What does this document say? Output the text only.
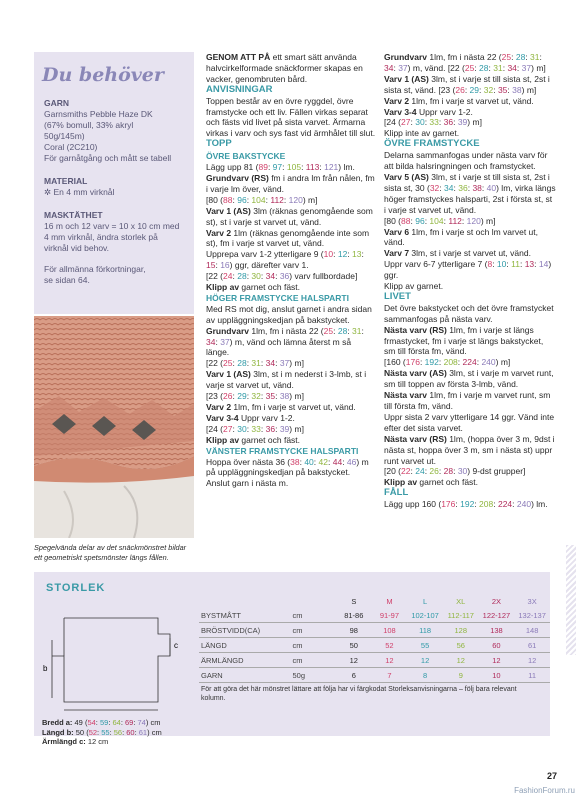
Du behöver
GARN
Garnsmiths Pebble Haze DK
(67% bomull, 33% akryl
50g/145m)
Coral (2C210)
För garnåtgång och mått se tabell
MATERIAL
✲ En 4 mm virknål
MASKTÄTHET
16 m och 12 varv = 10 x 10 cm med
4 mm virknål, ändra storlek på
virknål vid behov.
För allmänna förkortningar,
se sidan 64.
Spegelvända delar av det snäckmönstret bildar ett geometriskt spetsmönster längs fållen.

GENOM ATT PÅ ett smart sätt använda halvcirkelformade snäckformer skapas en vacker, genombruten bård.

ANVISNINGAR

Toppen består av en övre ryggdel, övre framstycke och ett liv. Fällen virkas separat och fästs vid livet på sista varvet. Ärmarna virkas i varv och sys fast vid ärmhålet till slut.

TOPP

ÖVRE BAKSTYCKE

Lägg upp 81 (89: 97: 105: 113: 121) lm.
Grundvarv (RS) fm i andra lm från nålen, fm i varje lm över, vänd.
[80 (88: 96: 104: 112: 120) m]
Varv 1 (AS) 3lm (räknas genomgående som st), st i varje st varvet ut, vänd.
Varv 2 1lm (räknas genomgående inte som st), fm i varje st varvet ut, vänd.
Upprepa varv 1-2 ytterligare 9 (10: 12: 13: 15: 16) ggr, därefter varv 1.
[22 (24: 28: 30: 34: 36) varv fullbordade]
Klipp av garnet och fäst.

HÖGER FRAMSTYCKE HALSPARTI

Med RS mot dig, anslut garnet i andra sidan av uppläggningskedjan på bakstycket.
Grundvarv 1lm, fm i nästa 22 (25: 28: 31: 34: 37) m, vänd och lämna återst m så länge.
[22 (25: 28: 31: 34: 37) m]
Varv 1 (AS) 3lm, st i m nederst i 3-lmb, st i varje st varvet ut, vänd.
[23 (26: 29: 32: 35: 38) m]
Varv 2 1lm, fm i varje st varvet ut, vänd.
Varv 3-4 Uppr varv 1-2.
[24 (27: 30: 33: 36: 39) m]
Klipp av garnet och fäst.

VÄNSTER FRAMSTYCKE HALSPARTI

Hoppa över nästa 36 (38: 40: 42: 44: 46) m på uppläggningskedjan på bakstycket.
Anslut garn i nästa m.

Grundvarv 1lm, fm i nästa 22 (25: 28: 31: 34: 37) m, vänd. [22 (25: 28: 31: 34: 37) m]
Varv 1 (AS) 3lm, st i varje st till sista st, 2st i sista st, vänd. [23 (26: 29: 32: 35: 38) m]
Varv 2 1lm, fm i varje st varvet ut, vänd.
Varv 3-4 Uppr varv 1-2.
[24 (27: 30: 33: 36: 39) m]
Klipp inte av garnet.

ÖVRE FRAMSTYCKE

Delarna sammanfogas under nästa varv för att bilda halsringningen och framstycket.
Varv 5 (AS) 3lm, st i varje st till sista st, 2st i sista st, 30 (32: 34: 36: 38: 40) lm, virka längs höger framstyckes halsparti, 2st i första st, st i varje st varvet ut, vänd.
[80 (88: 96: 104: 112: 120) m]
Varv 6 1lm, fm i varje st och lm varvet ut, vänd.
Varv 7 3lm, st i varje st varvet ut, vänd.
Uppr varv 6-7 ytterligare 7 (8: 10: 11: 13: 14) ggr.
Klipp av garnet.

LIVET

Det övre bakstycket och det övre framstycket sammanfogas på nästa varv.
Nästa varv (RS) 1lm, fm i varje st längs frmastycket, fm i varje st längs bakstycket, sm till första fm, vänd.
[160 (176: 192: 208: 224: 240) m]
Nästa varv (AS) 3lm, st i varje m varvet runt, sm till toppen av första 3-lmb, vänd.
Nästa varv 1lm, fm i varje m varvet runt, sm till första fm, vänd.
Uppr sista 2 varv ytterligare 14 ggr. Vänd inte efter det sista varvet.
Nästa varv (RS) 1lm, (hoppa över 3 m, 9dst i nästa st, hoppa över 3 m, sm i nästa st) uppr runt varvet ut.
[20 (22: 24: 26: 28: 30) 9-dst grupper]
Klipp av garnet och fäst.

FÅLL

Lägg upp 160 (176: 192: 208: 224: 240) lm.

STORLEK
b
c
Bredd a: 49 (54: 59: 64: 69: 74) cm
Längd b: 50 (52: 55: 56: 60: 61) cm
Ärmlängd c: 12 cm
		S	M	L	XL	2X	3X
BYSTMÅTT	cm	81-86	91-97	102-107	112-117	122-127	132-137
BRÖSTVIDD(CA)	cm	98	108	118	128	138	148
LÄNGD	cm	50	52	55	56	60	61
ÄRMLÄNGD	cm	12	12	12	12	12	12
GARN	50g	6	7	8	9	10	11
För att göra det här mönstret lättare att följa har vi färgkodat Storleksanvisningarna – följ bara relevant kolumn.
27
FashionForum.ru
